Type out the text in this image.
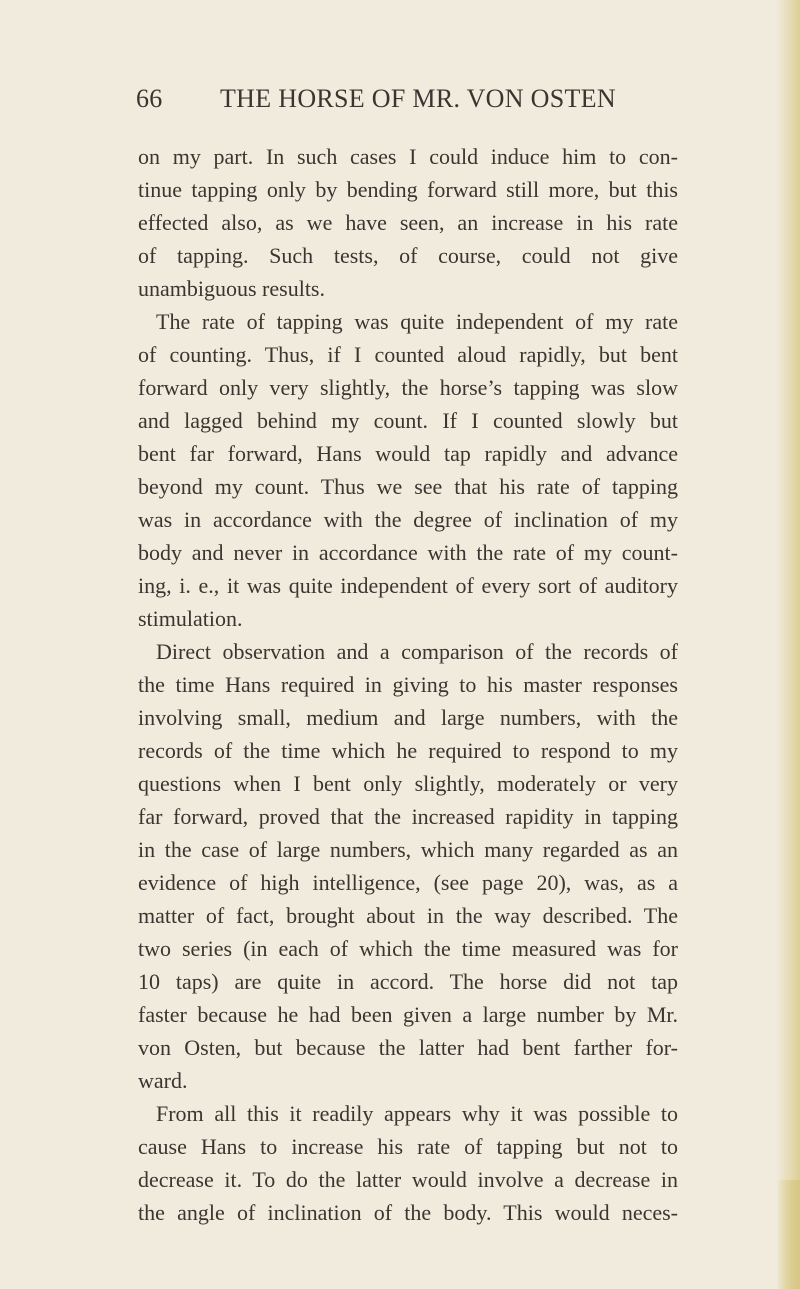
66 THE HORSE OF MR. VON OSTEN
on my part. In such cases I could induce him to con-
tinue tapping only by bending forward still more, but this
effected also, as we have seen, an increase in his rate
of tapping. Such tests, of course, could not give
unambiguous results.
The rate of tapping was quite independent of my rate
of counting. Thus, if I counted aloud rapidly, but bent
forward only very slightly, the horse’s tapping was slow
and lagged behind my count. If I counted slowly but
bent far forward, Hans would tap rapidly and advance
beyond my count. Thus we see that his rate of tapping
was in accordance with the degree of inclination of my
body and never in accordance with the rate of my count-
ing, i. e., it was quite independent of every sort of auditory
stimulation.
Direct observation and a comparison of the records of
the time Hans required in giving to his master responses
involving small, medium and large numbers, with the
records of the time which he required to respond to my
questions when I bent only slightly, moderately or very
far forward, proved that the increased rapidity in tapping
in the case of large numbers, which many regarded as an
evidence of high intelligence, (see page 20), was, as a
matter of fact, brought about in the way described. The
two series (in each of which the time measured was for
10 taps) are quite in accord. The horse did not tap
faster because he had been given a large number by Mr.
von Osten, but because the latter had bent farther for-
ward.
From all this it readily appears why it was possible to
cause Hans to increase his rate of tapping but not to
decrease it. To do the latter would involve a decrease in
the angle of inclination of the body. This would neces-
